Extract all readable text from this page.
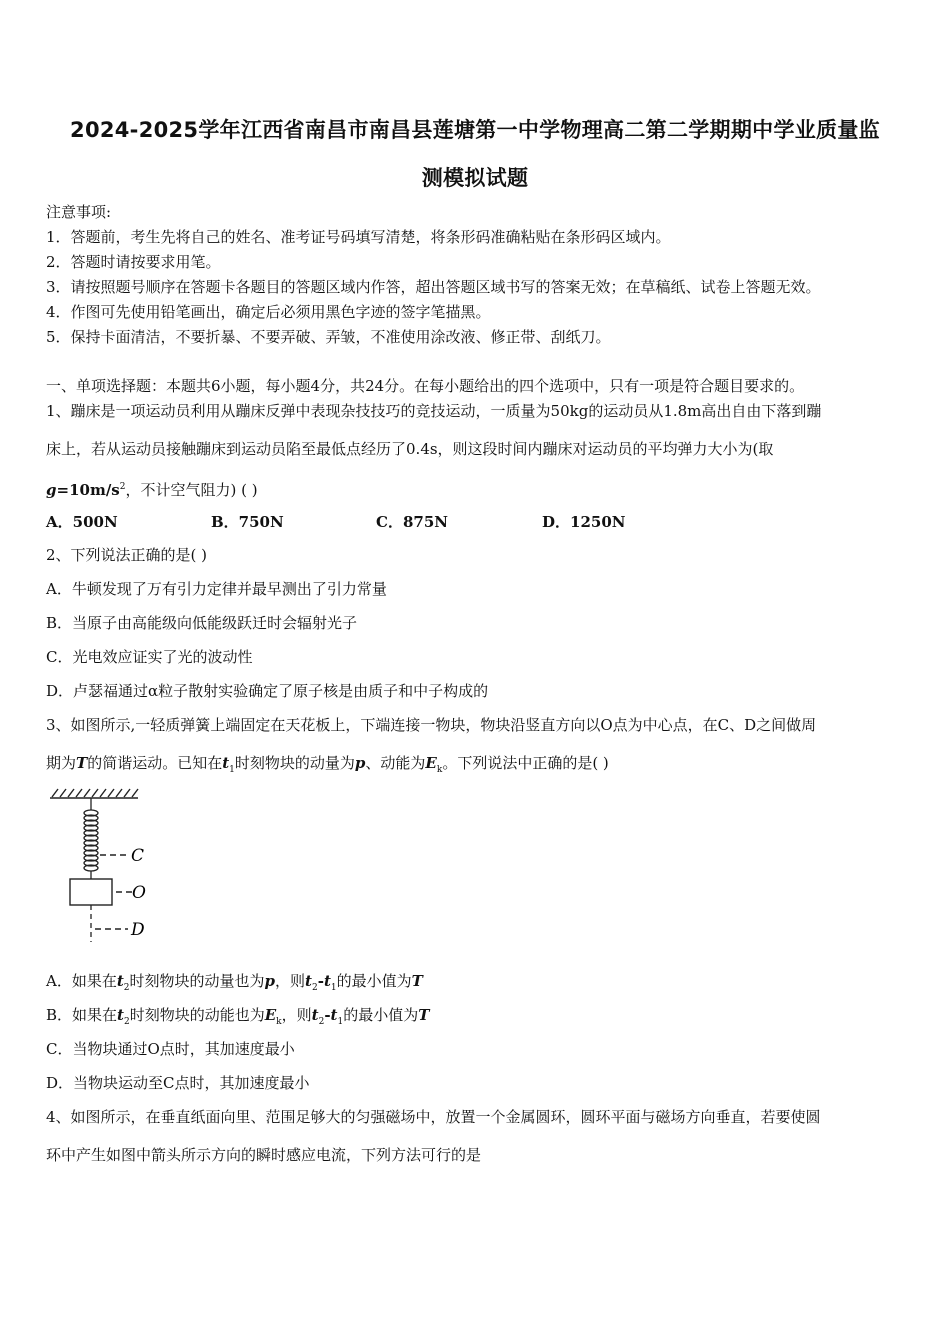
2024-2025学年江西省南昌市南昌县莲塘第一中学物理高二第二学期期中学业质量监
测模拟试题
注意事项:
1．答题前，考生先将自己的姓名、准考证号码填写清楚，将条形码准确粘贴在条形码区域内。
2．答题时请按要求用笔。
3．请按照题号顺序在答题卡各题目的答题区域内作答，超出答题区域书写的答案无效；在草稿纸、试卷上答题无效。
4．作图可先使用铅笔画出，确定后必须用黑色字迹的签字笔描黑。
5．保持卡面清洁，不要折暴、不要弄破、弄皱，不准使用涂改液、修正带、刮纸刀。
一、单项选择题：本题共6小题，每小题4分，共24分。在每小题给出的四个选项中，只有一项是符合题目要求的。
1、蹦床是一项运动员利用从蹦床反弹中表现杂技技巧的竞技运动，一质量为50kg的运动员从1.8m高出自由下落到蹦
床上，若从运动员接触蹦床到运动员陷至最低点经历了0.4s，则这段时间内蹦床对运动员的平均弹力大小为(取
$g=10m/s^2$，不计空气阻力) ( )
A．500N	B．750N	C．875N	D．1250N
2、下列说法正确的是( )
A．牛顿发现了万有引力定律并最早测出了引力常量
B．当原子由高能级向低能级跃迁时会辐射光子
C．光电效应证实了光的波动性
D．卢瑟福通过α粒子散射实验确定了原子核是由质子和中子构成的
3、如图所示,一轻质弹簧上端固定在天花板上，下端连接一物块，物块沿竖直方向以O点为中心点，在C、D之间做周
期为T的简谐运动。已知在$t_1$时刻物块的动量为p、动能为$E_k$。下列说法中正确的是( )
C
O
D
A．如果在$t_2$时刻物块的动量也为p，则$t_2-t_1$的最小值为T
B．如果在$t_2$时刻物块的动能也为$E_k$，则$t_2-t_1$的最小值为T
C．当物块通过O点时，其加速度最小
D．当物块运动至C点时，其加速度最小
4、如图所示，在垂直纸面向里、范围足够大的匀强磁场中，放置一个金属圆环，圆环平面与磁场方向垂直，若要使圆
环中产生如图中箭头所示方向的瞬时感应电流，下列方法可行的是
